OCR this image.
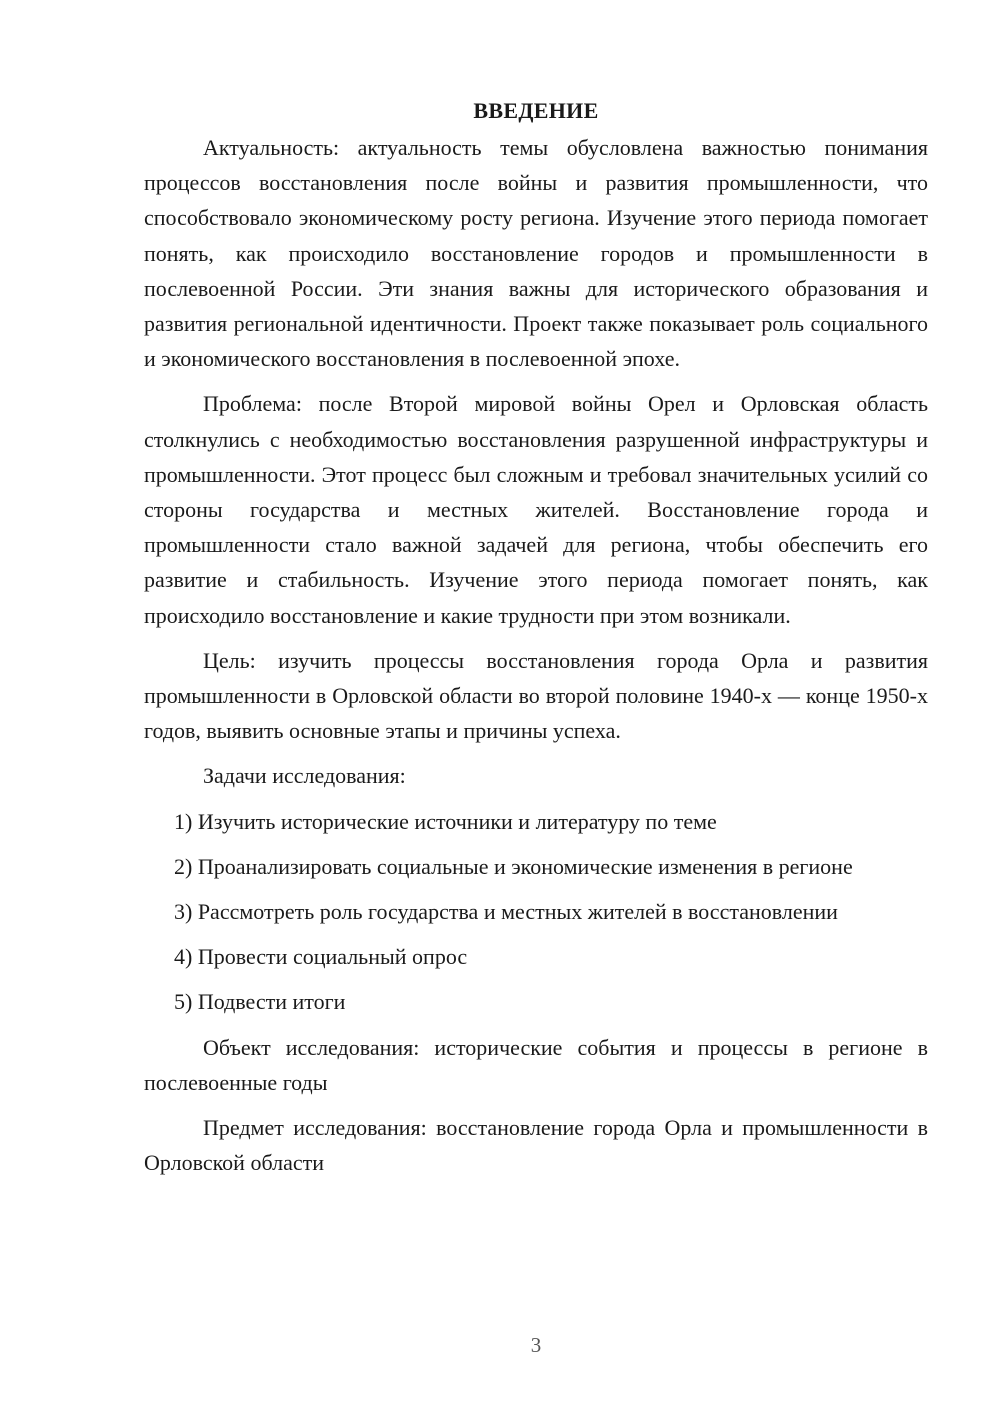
ВВЕДЕНИЕ

Актуальность: актуальность темы обусловлена важностью понимания процессов восстановления после войны и развития промышленности, что способствовало экономическому росту региона. Изучение этого периода помогает понять, как происходило восстановление городов и промышленности в послевоенной России. Эти знания важны для исторического образования и развития региональной идентичности. Проект также показывает роль социального и экономического восстановления в послевоенной эпохе.

Проблема: после Второй мировой войны Орел и Орловская область столкнулись с необходимостью восстановления разрушенной инфраструктуры и промышленности. Этот процесс был сложным и требовал значительных усилий со стороны государства и местных жителей. Восстановление города и промышленности стало важной задачей для региона, чтобы обеспечить его развитие и стабильность. Изучение этого периода помогает понять, как происходило восстановление и какие трудности при этом возникали.

Цель: изучить процессы восстановления города Орла и развития промышленности в Орловской области во второй половине 1940-х — конце 1950-х годов, выявить основные этапы и причины успеха.

Задачи исследования:

1) Изучить исторические источники и литературу по теме

2) Проанализировать социальные и экономические изменения в регионе

3) Рассмотреть роль государства и местных жителей в восстановлении

4) Провести социальный опрос

5) Подвести итоги

Объект исследования: исторические события и процессы в регионе в послевоенные годы

Предмет исследования: восстановление города Орла и промышленности в Орловской области

3
